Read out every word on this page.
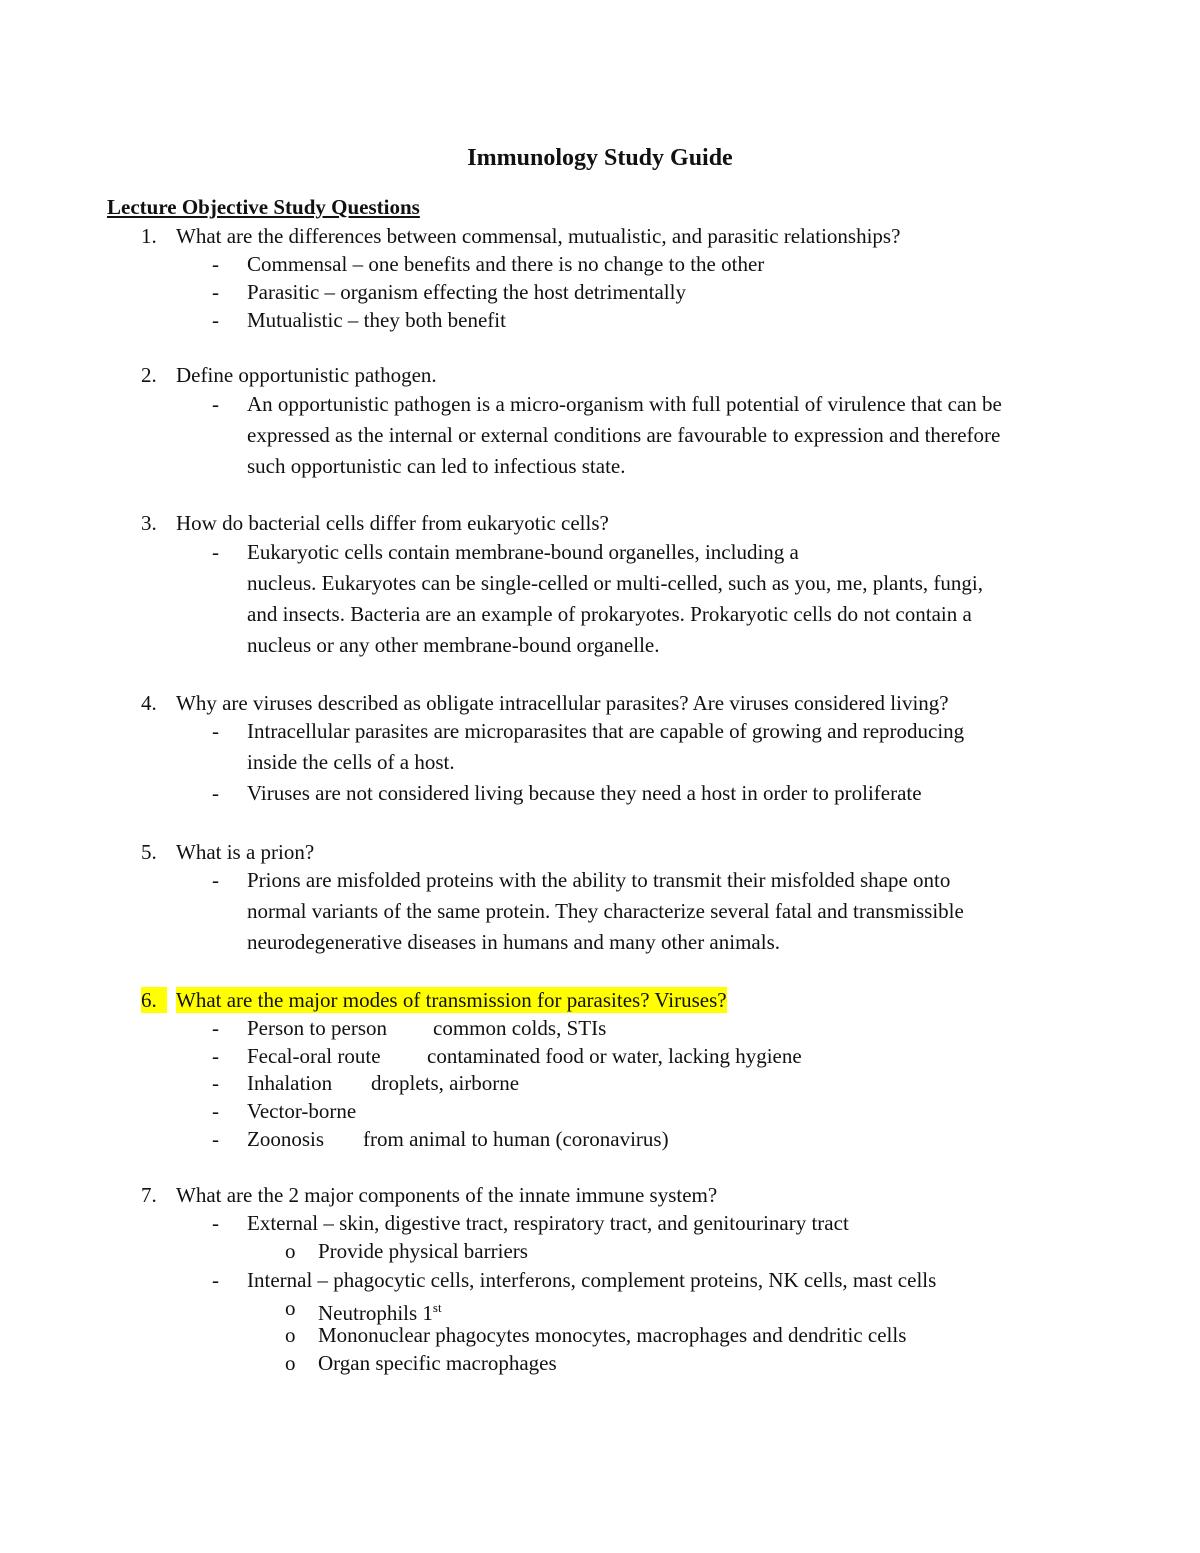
Immunology Study Guide
Lecture Objective Study Questions
1. What are the differences between commensal, mutualistic, and parasitic relationships?
- Commensal – one benefits and there is no change to the other
- Parasitic – organism effecting the host detrimentally
- Mutualistic – they both benefit
2. Define opportunistic pathogen.
- An opportunistic pathogen is a micro-organism with full potential of virulence that can be
expressed as the internal or external conditions are favourable to expression and therefore
such opportunistic can led to infectious state.
3. How do bacterial cells differ from eukaryotic cells?
- Eukaryotic cells contain membrane-bound organelles, including a
nucleus. Eukaryotes can be single-celled or multi-celled, such as you, me, plants, fungi,
and insects. Bacteria are an example of prokaryotes. Prokaryotic cells do not contain a
nucleus or any other membrane-bound organelle.
4. Why are viruses described as obligate intracellular parasites? Are viruses considered living?
- Intracellular parasites are microparasites that are capable of growing and reproducing
inside the cells of a host.
- Viruses are not considered living because they need a host in order to proliferate
5. What is a prion?
- Prions are misfolded proteins with the ability to transmit their misfolded shape onto
normal variants of the same protein. They characterize several fatal and transmissible
neurodegenerative diseases in humans and many other animals.
6. What are the major modes of transmission for parasites? Viruses?
- Person to person common colds, STIs
- Fecal-oral route contaminated food or water, lacking hygiene
- Inhalation droplets, airborne
- Vector-borne
- Zoonosis from animal to human (coronavirus)
7. What are the 2 major components of the innate immune system?
- External – skin, digestive tract, respiratory tract, and genitourinary tract
o Provide physical barriers
- Internal – phagocytic cells, interferons, complement proteins, NK cells, mast cells
o Neutrophils 1st
o Mononuclear phagocytes monocytes, macrophages and dendritic cells
o Organ specific macrophages
